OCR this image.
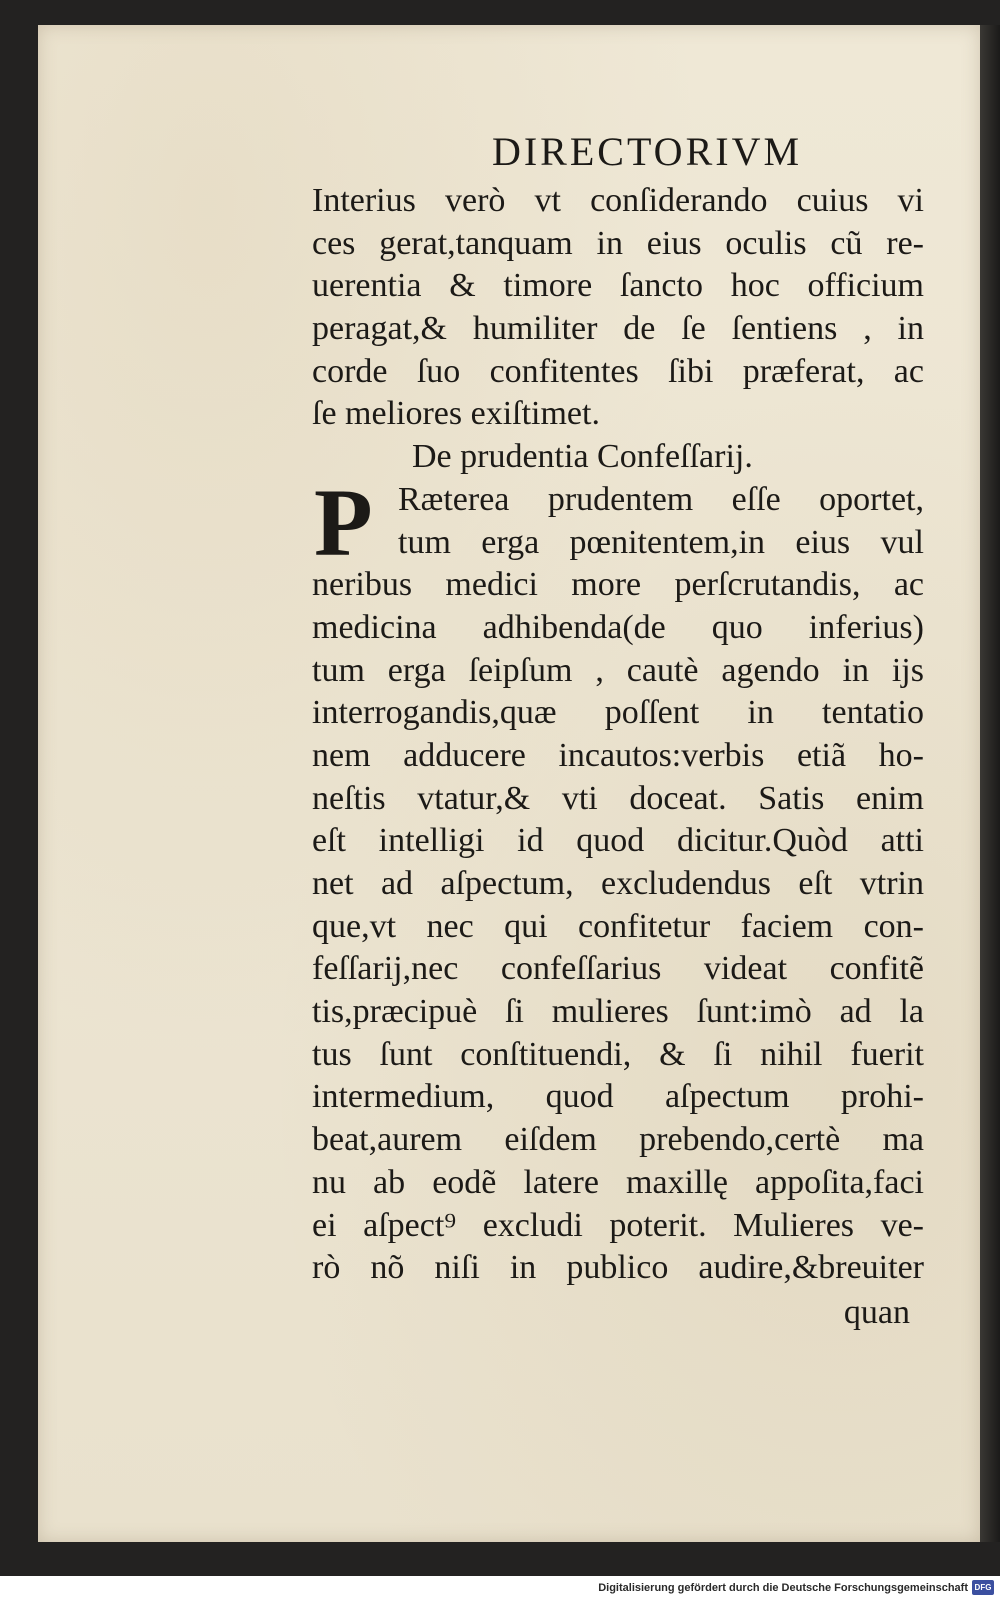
DIRECTORIVM
Interius verò vt conſiderando cuius vi
ces gerat,tanquam in eius oculis cũ re-
uerentia & timore ſancto hoc officium
peragat,& humiliter de ſe ſentiens , in
corde ſuo confitentes ſibi præferat, ac
ſe meliores exiſtimet.
De prudentia Confeſſarij.
P Ræterea prudentem eſſe oportet,
tum erga pœnitentem,in eius vul
neribus medici more perſcrutandis, ac
medicina adhibenda(de quo inferius)
tum erga ſeipſum , cautè agendo in ijs
interrogandis,quæ poſſent in tentatio
nem adducere incautos:verbis etiã ho-
neſtis vtatur,& vti doceat. Satis enim
eſt intelligi id quod dicitur.Quòd atti
net ad aſpectum, excludendus eſt vtrin
que,vt nec qui confitetur faciem con-
feſſarij,nec confeſſarius videat confitẽ
tis,præcipuè ſi mulieres ſunt:imò ad la
tus ſunt conſtituendi, & ſi nihil fuerit
intermedium, quod aſpectum prohi-
beat,aurem eiſdem prebendo,certè ma
nu ab eodẽ latere maxillę appoſita,faci
ei aſpect⁹ excludi poterit. Mulieres ve-
rò nõ niſi in publico audire,&breuiter
quan
Digitalisierung gefördert durch die Deutsche Forschungsgemeinschaft DFG
